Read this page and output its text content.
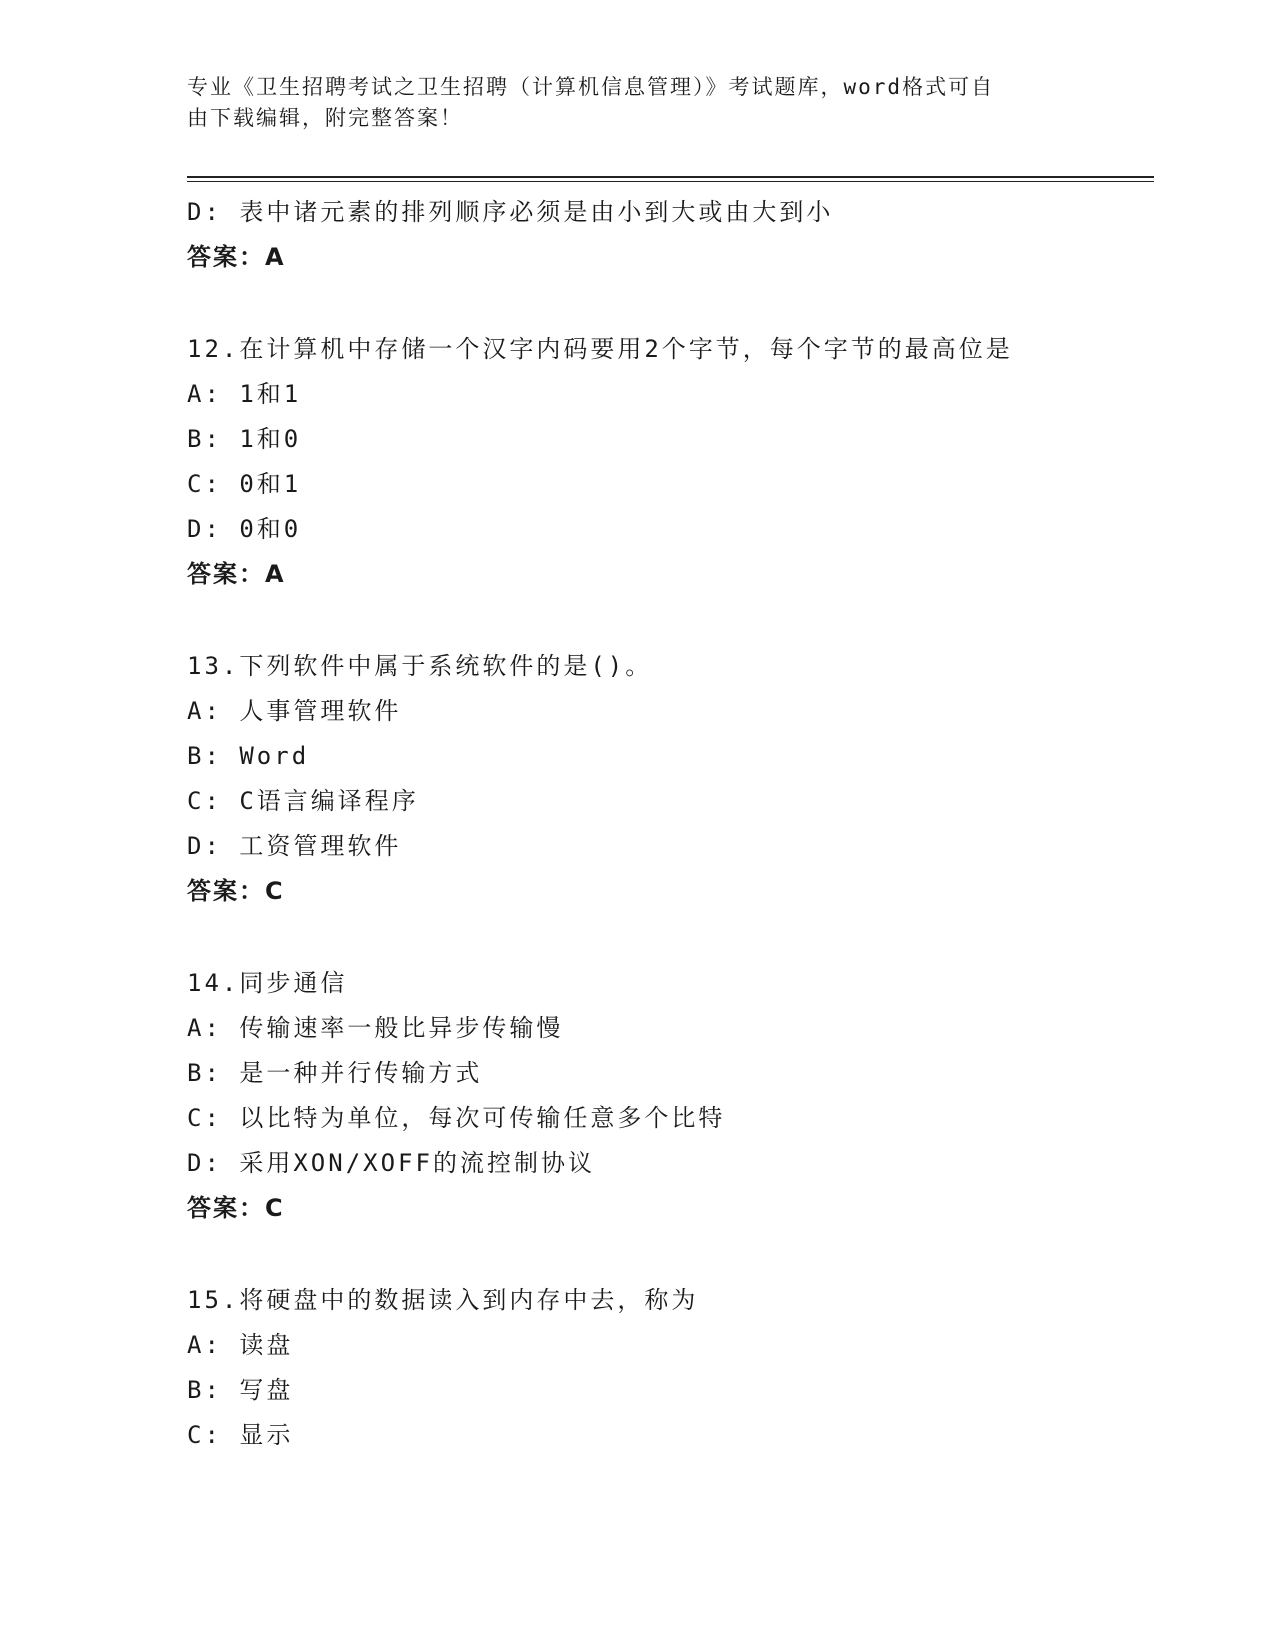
专业《卫生招聘考试之卫生招聘（计算机信息管理）》考试题库，word格式可自
由下载编辑，附完整答案！
D: 表中诸元素的排列顺序必须是由小到大或由大到小
答案：A
12.在计算机中存储一个汉字内码要用2个字节，每个字节的最高位是
A: 1和1
B: 1和0
C: 0和1
D: 0和0
答案：A
13.下列软件中属于系统软件的是()。
A: 人事管理软件
B: Word
C: C语言编译程序
D: 工资管理软件
答案：C
14.同步通信
A: 传输速率一般比异步传输慢
B: 是一种并行传输方式
C: 以比特为单位，每次可传输任意多个比特
D: 采用XON/XOFF的流控制协议
答案：C
15.将硬盘中的数据读入到内存中去，称为
A: 读盘
B: 写盘
C: 显示
